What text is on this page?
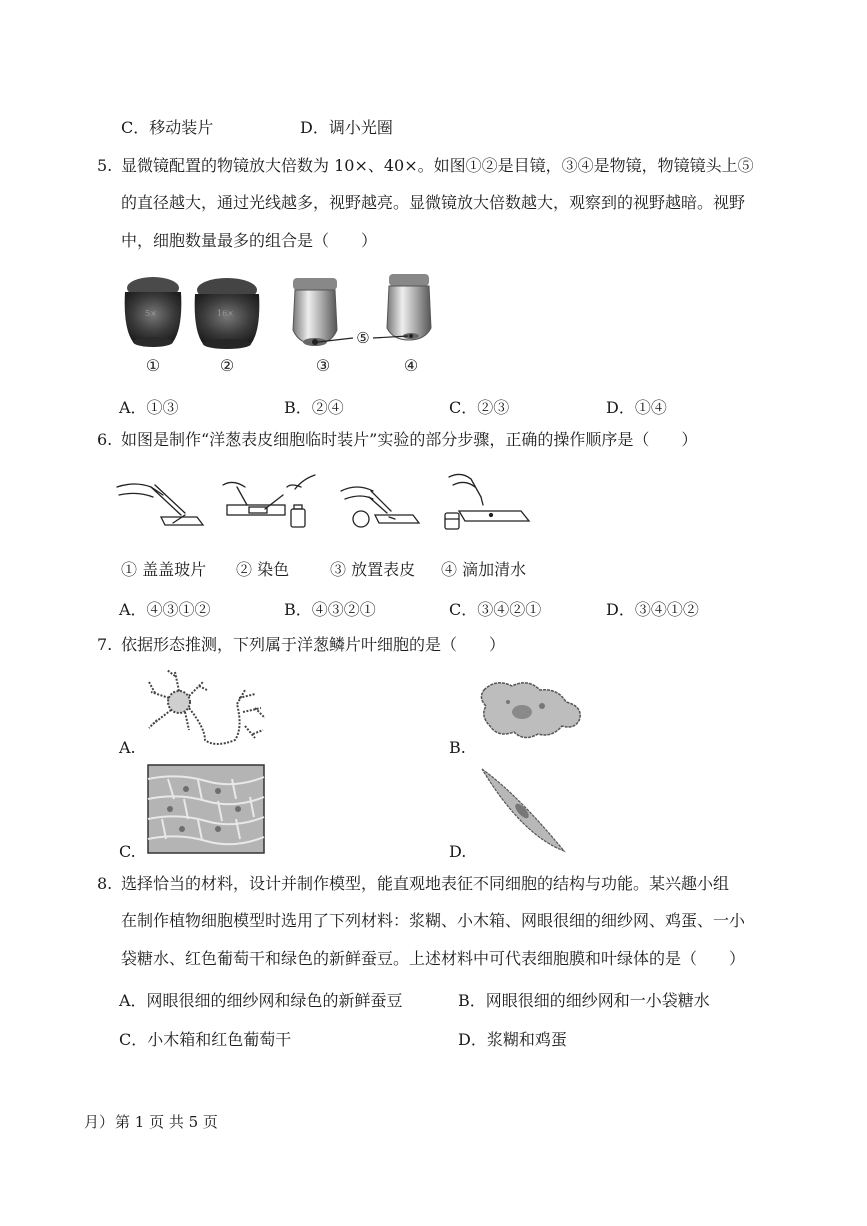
C．移动装片	D．调小光圈
5. 显微镜配置的物镜放大倍数为 10×、40×。如图①②是目镜，③④是物镜，物镜镜头上⑤
的直径越大，通过光线越多，视野越亮。显微镜放大倍数越大，观察到的视野越暗。视野
中，细胞数量最多的组合是（　　）
5×	16×
⑤
①	②	③	④
A．①③	B．②④	C．②③	D．①④
6. 如图是制作“洋葱表皮细胞临时装片”实验的部分步骤，正确的操作顺序是（　　）
① 盖盖玻片 ② 染色	③ 放置表皮 ④ 滴加清水
A．④③①②	B．④③②①	C．③④②①	D．③④①②
7. 依据形态推测，下列属于洋葱鳞片叶细胞的是（　　）
A.	B.
C.	D.
8. 选择恰当的材料，设计并制作模型，能直观地表征不同细胞的结构与功能。某兴趣小组
在制作植物细胞模型时选用了下列材料：浆糊、小木箱、网眼很细的细纱网、鸡蛋、一小
袋糖水、红色葡萄干和绿色的新鲜蚕豆。上述材料中可代表细胞膜和叶绿体的是（　　）
A．网眼很细的细纱网和绿色的新鲜蚕豆	B．网眼很细的细纱网和一小袋糖水
C．小木箱和红色葡萄干	D．浆糊和鸡蛋
月） 第 1 页 共 5 页
